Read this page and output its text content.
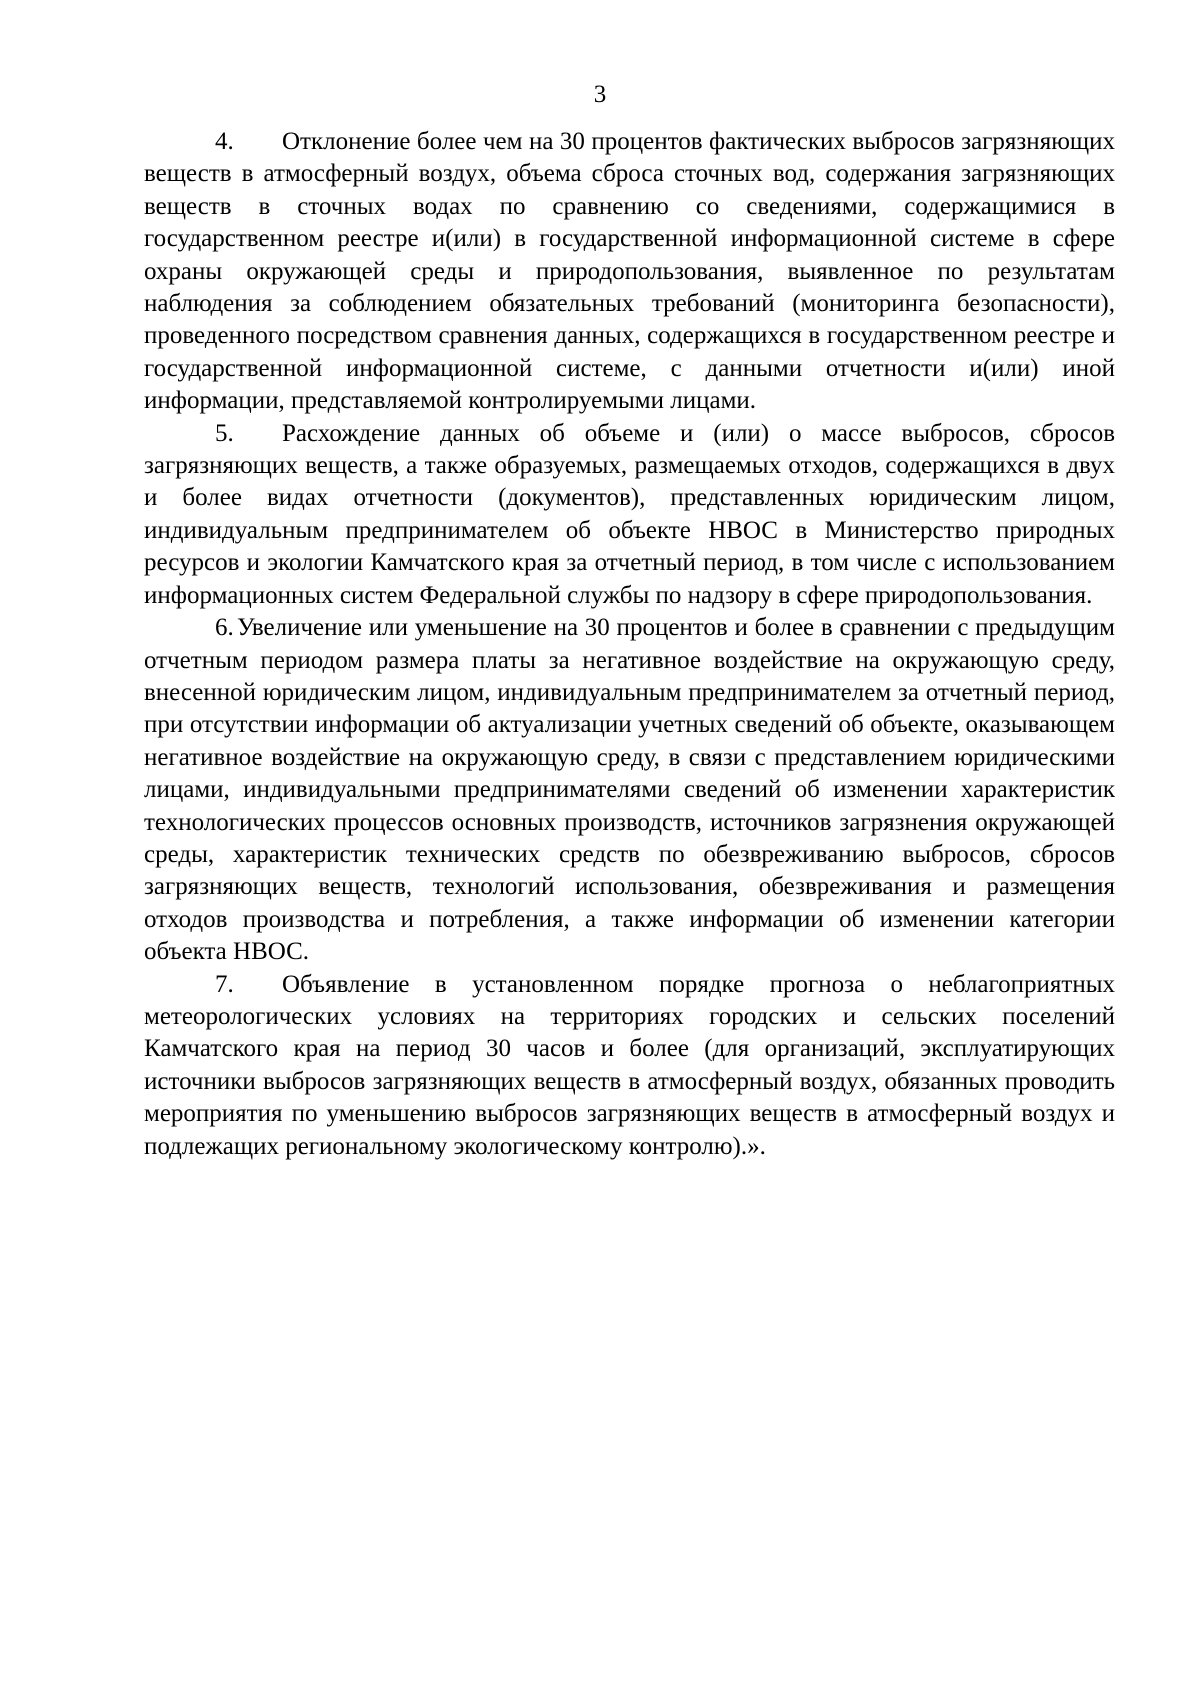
3

4. Отклонение более чем на 30 процентов фактических выбросов загрязняющих веществ в атмосферный воздух, объема сброса сточных вод, содержания загрязняющих веществ в сточных водах по сравнению со сведениями, содержащимися в государственном реестре и(или) в государственной информационной системе в сфере охраны окружающей среды и природопользования, выявленное по результатам наблюдения за соблюдением обязательных требований (мониторинга безопасности), проведенного посредством сравнения данных, содержащихся в государственном реестре и государственной информационной системе, с данными отчетности и(или) иной информации, представляемой контролируемыми лицами.

5. Расхождение данных об объеме и (или) о массе выбросов, сбросов загрязняющих веществ, а также образуемых, размещаемых отходов, содержащихся в двух и более видах отчетности (документов), представленных юридическим лицом, индивидуальным предпринимателем об объекте НВОС в Министерство природных ресурсов и экологии Камчатского края за отчетный период, в том числе с использованием информационных систем Федеральной службы по надзору в сфере природопользования.

6. Увеличение или уменьшение на 30 процентов и более в сравнении с предыдущим отчетным периодом размера платы за негативное воздействие на окружающую среду, внесенной юридическим лицом, индивидуальным предпринимателем за отчетный период, при отсутствии информации об актуализации учетных сведений об объекте, оказывающем негативное воздействие на окружающую среду, в связи с представлением юридическими лицами, индивидуальными предпринимателями сведений об изменении характеристик технологических процессов основных производств, источников загрязнения окружающей среды, характеристик технических средств по обезвреживанию выбросов, сбросов загрязняющих веществ, технологий использования, обезвреживания и размещения отходов производства и потребления, а также информации об изменении категории объекта НВОС.

7. Объявление в установленном порядке прогноза о неблагоприятных метеорологических условиях на территориях городских и сельских поселений Камчатского края на период 30 часов и более (для организаций, эксплуатирующих источники выбросов загрязняющих веществ в атмосферный воздух, обязанных проводить мероприятия по уменьшению выбросов загрязняющих веществ в атмосферный воздух и подлежащих региональному экологическому контролю).».
